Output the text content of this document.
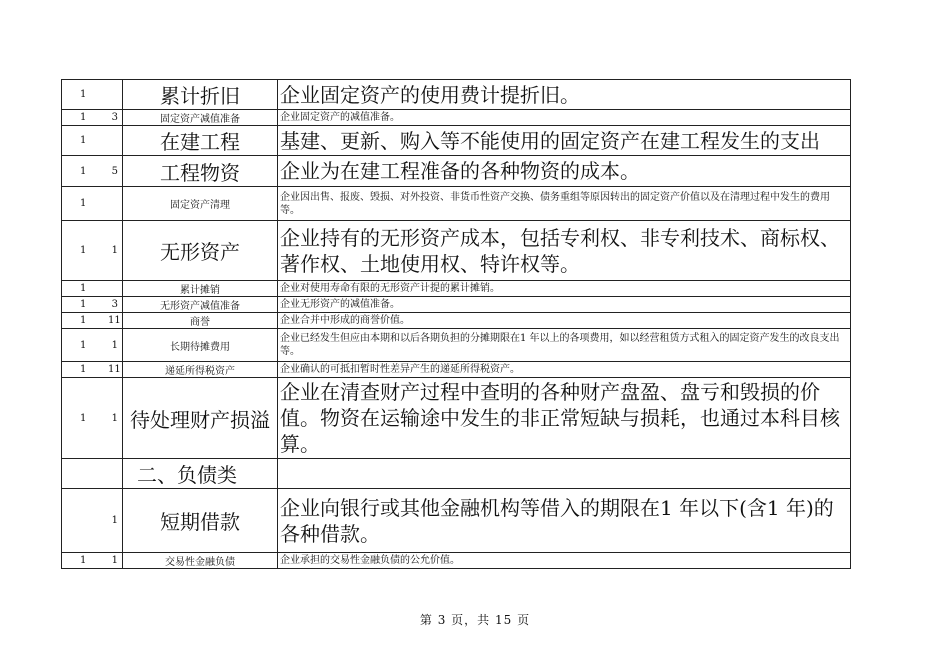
1	累计折旧	企业固定资产的使用费计提折旧。
1 3	固定资产减值准备	企业固定资产的减值准备。
1	在建工程	基建、更新、购入等不能使用的固定资产在建工程发生的支出
1 5	工程物资	企业为在建工程准备的各种物资的成本。
1	固定资产清理	企业因出售、报废、毁损、对外投资、非货币性资产交换、债务重组等原因转出的固定资产价值以及在清理过程中发生的费用等。
1 1	无形资产	企业持有的无形资产成本，包括专利权、非专利技术、商标权、著作权、土地使用权、特许权等。
1	累计摊销	企业对使用寿命有限的无形资产计提的累计摊销。
1 3	无形资产减值准备	企业无形资产的减值准备。
1 11	商誉	企业合并中形成的商誉价值。
1 1	长期待摊费用	企业已经发生但应由本期和以后各期负担的分摊期限在1 年以上的各项费用，如以经营租赁方式租入的固定资产发生的改良支出等。
1 11	递延所得税资产	企业确认的可抵扣暂时性差异产生的递延所得税资产。
1 1	待处理财产损溢	企业在清查财产过程中查明的各种财产盘盈、盘亏和毁损的价值。物资在运输途中发生的非正常短缺与损耗，也通过本科目核算。
	二、负债类	
1	短期借款	企业向银行或其他金融机构等借入的期限在1 年以下(含1 年)的各种借款。
1 1	交易性金融负债	企业承担的交易性金融负债的公允价值。
第 3 页，共 15 页
